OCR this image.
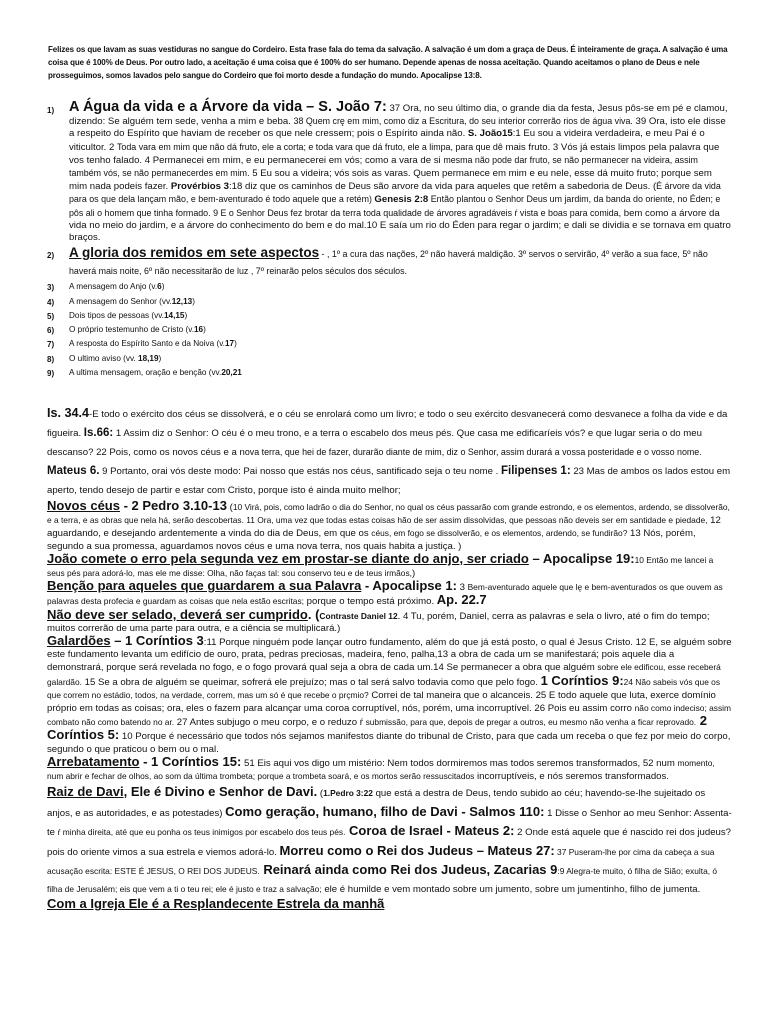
Felizes os que lavam as suas vestiduras no sangue do Cordeiro. Esta frase fala do tema da salvação. A salvação é um dom a graça de Deus. É inteiramente de graça. A salvação é uma coisa que é 100% de Deus. Por outro lado, a aceitação é uma coisa que é 100% do ser humano. Depende apenas de nossa aceitação. Quando aceitamos o plano de Deus e nele prosseguimos, somos lavados pelo sangue do Cordeiro que foi morto desde a fundação do mundo. Apocalipse 13:8.
1)	A Água da vida e a Árvore da vida – S. João 7: 37 Ora, no seu último dia, o grande dia da festa, Jesus pôs-se em pé e clamou, dizendo: Se alguém tem sede, venha a mim e beba. 38 Quem crę em mim, como diz a Escritura, do seu interior correrão rios de água viva. 39 Ora, isto ele disse a respeito do Espírito que haviam de receber os que nele cressem; pois o Espírito ainda não. S. João15:1 Eu sou a videira verdadeira, e meu Pai é o viticultor. 2 Toda vara em mim que não dá fruto, ele a corta; e toda vara que dá fruto, ele a limpa, para que dê mais fruto. 3 Vós já estais limpos pela palavra que vos tenho falado. 4 Permanecei em mim, e eu permanecerei em vós; como a vara de si mesma não pode dar fruto, se não permanecer na videira, assim também vós, se não permanecerdes em mim. 5 Eu sou a videira; vós sois as varas. Quem permanece em mim e eu nele, esse dá muito fruto; porque sem mim nada podeis fazer. Provérbios 3:18 diz que os caminhos de Deus são arvore da vida para aqueles que retêm a sabedoria de Deus. (É árvore da vida para os que dela lançam mão, e bem-aventurado é todo aquele que a retém) Genesis 2:8 Então plantou o Senhor Deus um jardim, da banda do oriente, no Éden; e pôs ali o homem que tinha formado. 9 E o Senhor Deus fez brotar da terra toda qualidade de árvores agradáveis ŕ vista e boas para comida, bem como a árvore da vida no meio do jardim, e a árvore do conhecimento do bem e do mal.10 E saía um rio do Éden para regar o jardim; e dali se dividia e se tornava em quatro braços.
2)	A gloria dos remidos em sete aspectos - , 1º a cura das nações, 2º não haverá maldição. 3º servos o servirão, 4º verão a sua face, 5º não haverá mais noite, 6º não necessitarão de luz , 7º reinarão pelos séculos dos séculos.
3)	A mensagem do Anjo (v.6)
4)	A mensagem do Senhor (vv.12,13)
5)	Dois tipos de pessoas (vv.14,15)
6)	O próprio testemunho de Cristo (v.16)
7)	A resposta do Espírito Santo e da Noiva (v.17)
8)	O ultimo aviso (vv. 18,19)
9)	A ultima mensagem, oração e benção (vv.20,21

Is. 34.4-E todo o exército dos céus se dissolverá, e o céu se enrolará como um livro; e todo o seu exército desvanecerá como desvanece a folha da vide e da figueira. Is.66: 1 Assim diz o Senhor: O céu é o meu trono, e a terra o escabelo dos meus pés. Que casa me edificaríeis vós? e que lugar seria o do meu descanso? 22 Pois, como os novos céus e a nova terra, que hei de fazer, durarão diante de mim, diz o Senhor, assim durará a vossa posteridade e o vosso nome. Mateus 6. 9 Portanto, orai vós deste modo: Pai nosso que estás nos céus, santificado seja o teu nome . Filipenses 1: 23 Mas de ambos os lados estou em aperto, tendo desejo de partir e estar com Cristo, porque isto é ainda muito melhor;

Novos céus - 2 Pedro 3.10-13 (10 Virá, pois, como ladrão o dia do Senhor, no qual os céus passarão com grande estrondo, e os elementos, ardendo, se dissolverão, e a terra, e as obras que nela há, serão descobertas. 11 Ora, uma vez que todas estas coisas hão de ser assim dissolvidas, que pessoas não deveis ser em santidade e piedade, 12 aguardando, e desejando ardentemente a vinda do dia de Deus, em que os céus, em fogo se dissolverão, e os elementos, ardendo, se fundirão? 13 Nós, porém, segundo a sua promessa, aguardamos novos céus e uma nova terra, nos quais habita a justiça. )

João comete o erro pela segunda vez em prostar-se diante do anjo, ser criado – Apocalipse 19:10 Então me lancei a seus pés para adorá-lo, mas ele me disse: Olha, não faças tal: sou conservo teu e de teus irmãos,)

Benção para aqueles que guardarem a sua Palavra - Apocalipse 1: 3 Bem-aventurado aquele que lę e bem-aventurados os que ouvem as palavras desta profecia e guardam as coisas que nela estão escritas; porque o tempo está próximo. Ap. 22.7

Não deve ser selado, deverá ser cumprido. (Contraste Daniel 12. 4 Tu, porém, Daniel, cerra as palavras e sela o livro, até o fim do tempo; muitos correrão de uma parte para outra, e a ciência se multiplicará.)

Galardões – 1 Coríntios 3:11 Porque ninguém pode lançar outro fundamento, além do que já está posto, o qual é Jesus Cristo. 12 E, se alguém sobre este fundamento levanta um edifício de ouro, prata, pedras preciosas, madeira, feno, palha,13 a obra de cada um se manifestará; pois aquele dia a demonstrará, porque será revelada no fogo, e o fogo provará qual seja a obra de cada um.14 Se permanecer a obra que alguém sobre ele edificou, esse receberá galardão. 15 Se a obra de alguém se queimar, sofrerá ele prejuízo; mas o tal será salvo todavia como que pelo fogo. 1 Coríntios 9:24 Não sabeis vós que os que correm no estádio, todos, na verdade, correm, mas um só é que recebe o prçmio? Correi de tal maneira que o alcanceis. 25 E todo aquele que luta, exerce domínio próprio em todas as coisas; ora, eles o fazem para alcançar uma coroa corruptível, nós, porém, uma incorruptível. 26 Pois eu assim corro não como indeciso; assim combato não como batendo no ar. 27 Antes subjugo o meu corpo, e o reduzo ŕ submissão, para que, depois de pregar a outros, eu mesmo não venha a ficar reprovado. 2 Coríntios 5: 10 Porque é necessário que todos nós sejamos manifestos diante do tribunal de Cristo, para que cada um receba o que fez por meio do corpo, segundo o que praticou o bem ou o mal.

Arrebatamento - 1 Coríntios 15: 51 Eis aqui vos digo um mistério: Nem todos dormiremos mas todos seremos transformados, 52 num momento, num abrir e fechar de olhos, ao som da última trombeta; porque a trombeta soará, e os mortos serão ressuscitados incorruptíveis, e nós seremos transformados.

Raiz de Davi, Ele é Divino e Senhor de Davi. (1.Pedro 3:22 que está a destra de Deus, tendo subido ao céu; havendo-se-lhe sujeitado os anjos, e as autoridades, e as potestades) Como geração, humano, filho de Davi - Salmos 110: 1 Disse o Senhor ao meu Senhor: Assenta-te ŕ minha direita, até que eu ponha os teus inimigos por escabelo dos teus pés. Coroa de Israel - Mateus 2: 2 Onde está aquele que é nascido rei dos judeus? pois do oriente vimos a sua estrela e viemos adorá-lo. Morreu como o Rei dos Judeus – Mateus 27: 37 Puseram-lhe por cima da cabeça a sua acusação escrita: ESTE É JESUS, O REI DOS JUDEUS. Reinará ainda como Rei dos Judeus, Zacarias 9:9 Alegra-te muito, ó filha de Sião; exulta, ó filha de Jerusalém; eis que vem a ti o teu rei; ele é justo e traz a salvação; ele é humilde e vem montado sobre um jumento, sobre um jumentinho, filho de jumenta.

Com a Igreja Ele é a Resplandecente Estrela da manhã
